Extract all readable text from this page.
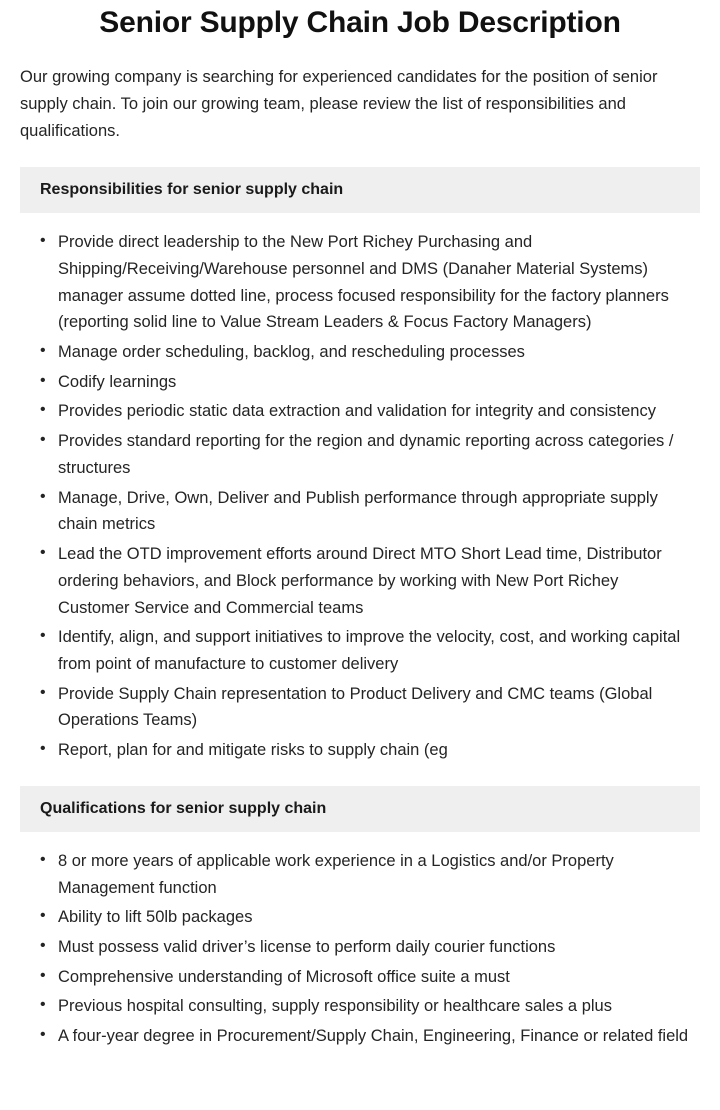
Senior Supply Chain Job Description

Our growing company is searching for experienced candidates for the position of senior supply chain. To join our growing team, please review the list of responsibilities and qualifications.

Responsibilities for senior supply chain
• Provide direct leadership to the New Port Richey Purchasing and Shipping/Receiving/Warehouse personnel and DMS (Danaher Material Systems) manager assume dotted line, process focused responsibility for the factory planners (reporting solid line to Value Stream Leaders & Focus Factory Managers)
• Manage order scheduling, backlog, and rescheduling processes
• Codify learnings
• Provides periodic static data extraction and validation for integrity and consistency
• Provides standard reporting for the region and dynamic reporting across categories / structures
• Manage, Drive, Own, Deliver and Publish performance through appropriate supply chain metrics
• Lead the OTD improvement efforts around Direct MTO Short Lead time, Distributor ordering behaviors, and Block performance by working with New Port Richey Customer Service and Commercial teams
• Identify, align, and support initiatives to improve the velocity, cost, and working capital from point of manufacture to customer delivery
• Provide Supply Chain representation to Product Delivery and CMC teams (Global Operations Teams)
• Report, plan for and mitigate risks to supply chain (eg
Qualifications for senior supply chain
• 8 or more years of applicable work experience in a Logistics and/or Property Management function
• Ability to lift 50lb packages
• Must possess valid driver’s license to perform daily courier functions
• Comprehensive understanding of Microsoft office suite a must
• Previous hospital consulting, supply responsibility or healthcare sales a plus
• A four-year degree in Procurement/Supply Chain, Engineering, Finance or related field
